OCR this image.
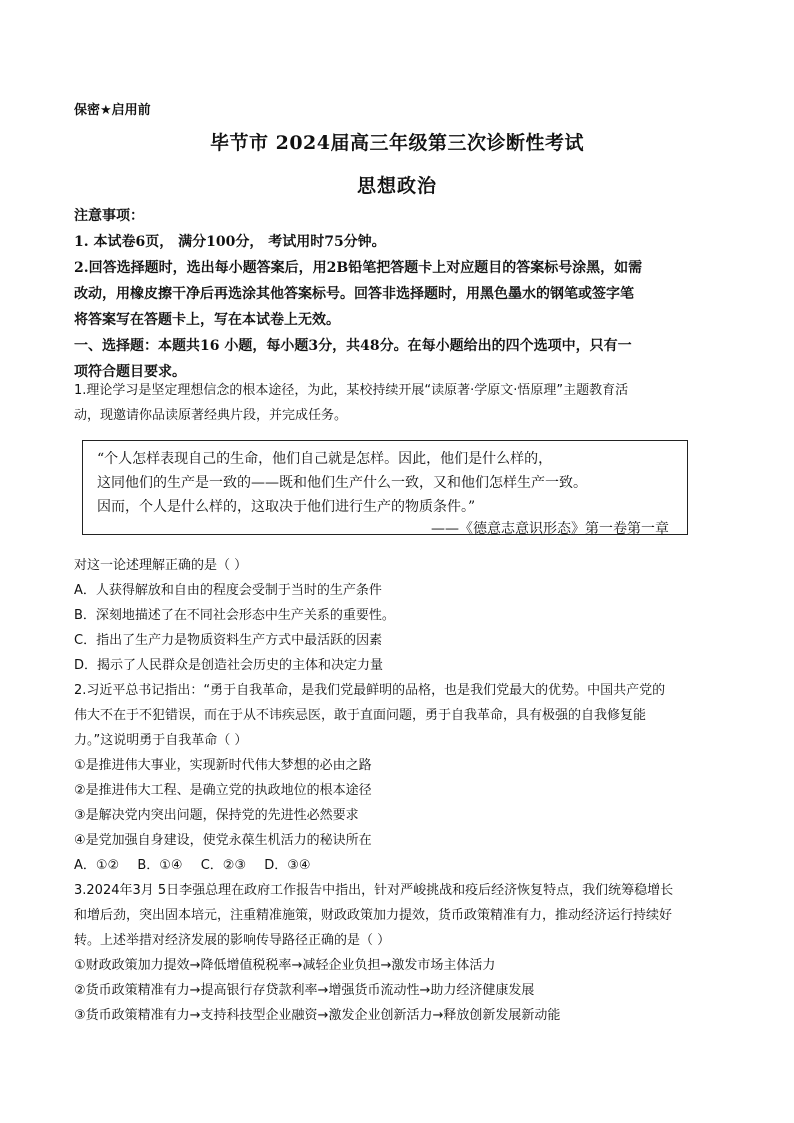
保密★启用前
毕节市 2024届高三年级第三次诊断性考试
思想政治

注意事项：

1. 本试卷6页， 满分100分， 考试用时75分钟。

2.回答选择题时，选出每小题答案后，用2B铅笔把答题卡上对应题目的答案标号涂黑，如需

改动，用橡皮擦干净后再选涂其他答案标号。回答非选择题时，用黑色墨水的钢笔或签字笔

将答案写在答题卡上，写在本试卷上无效。

一、选择题：本题共16 小题，每小题3分，共48分。在每小题给出的四个选项中，只有一

项符合题目要求。

1.理论学习是坚定理想信念的根本途径，为此，某校持续开展“读原著·学原文·悟原理”主题教育活
动，现邀请你品读原著经典片段，并完成任务。

“个人怎样表现自己的生命，他们自己就是怎样。因此，他们是什么样的，

这同他们的生产是一致的——既和他们生产什么一致，又和他们怎样生产一致。

因而，个人是什么样的，这取决于他们进行生产的物质条件。”

——《德意志意识形态》第一卷第一章

对这一论述理解正确的是（ ）

A．人获得解放和自由的程度会受制于当时的生产条件

B．深刻地描述了在不同社会形态中生产关系的重要性。

C．指出了生产力是物质资料生产方式中最活跃的因素

D．揭示了人民群众是创造社会历史的主体和决定力量

2.习近平总书记指出：“勇于自我革命，是我们党最鲜明的品格，也是我们党最大的优势。中国共产党的

伟大不在于不犯错误，而在于从不讳疾忌医，敢于直面问题，勇于自我革命，具有极强的自我修复能

力。”这说明勇于自我革命（ ）

①是推进伟大事业，实现新时代伟大梦想的必由之路

②是推进伟大工程、是确立党的执政地位的根本途径

③是解决党内突出问题，保持党的先进性必然要求

④是党加强自身建设，使党永葆生机活力的秘诀所在

A．①② B．①④ C．②③ D．③④

3.2024年3月 5日李强总理在政府工作报告中指出，针对严峻挑战和疫后经济恢复特点，我们统筹稳增长

和增后劲，突出固本培元，注重精准施策，财政政策加力提效，货币政策精准有力，推动经济运行持续好

转。上述举措对经济发展的影响传导路径正确的是（ ）

①财政政策加力提效→降低增值税税率→减轻企业负担→激发市场主体活力

②货币政策精准有力→提高银行存贷款利率→增强货币流动性→助力经济健康发展

③货币政策精准有力→支持科技型企业融资→激发企业创新活力→释放创新发展新动能
